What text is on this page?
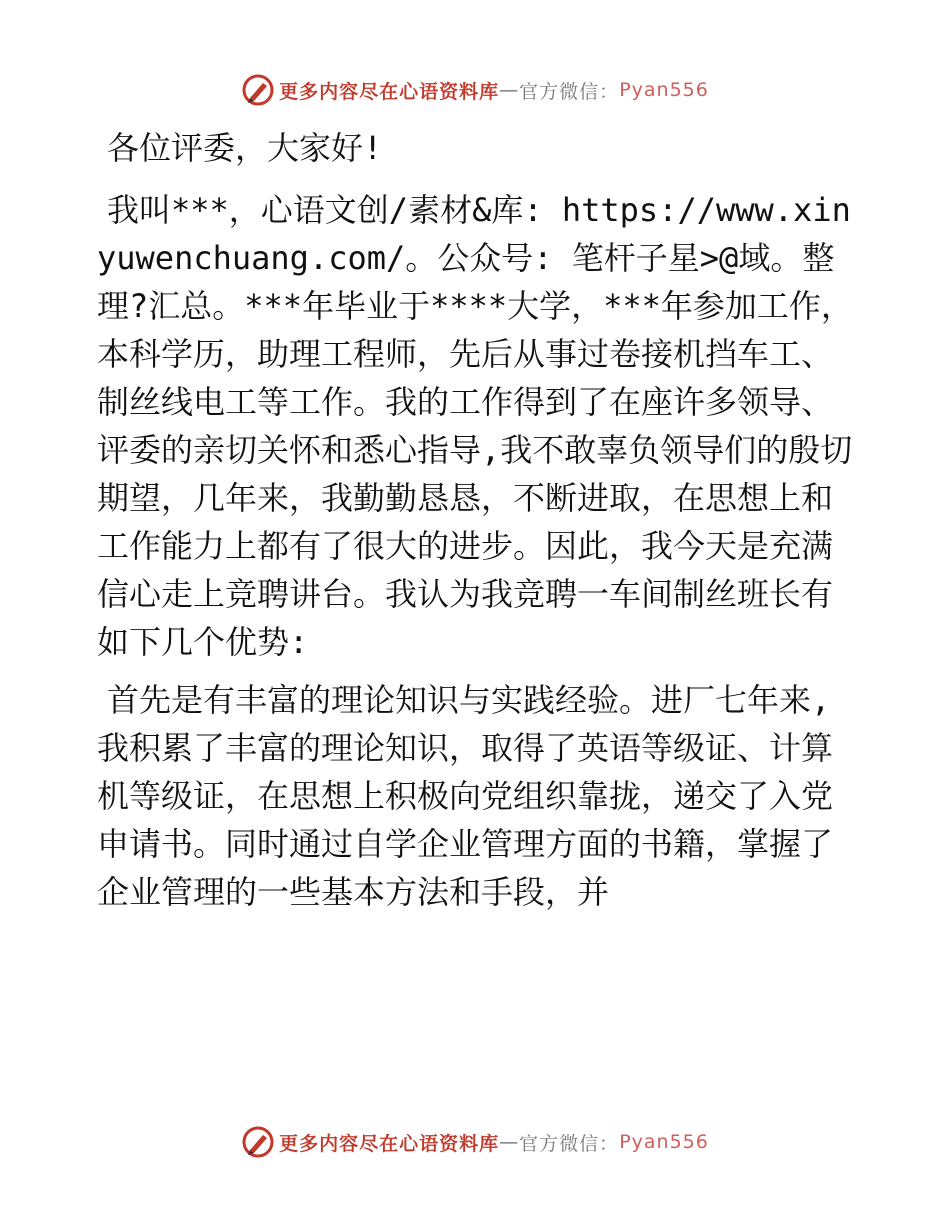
更多内容尽在心语资料库 — 官方微信： Pyan556

各位评委，大家好!

我叫***，心语文创/素材&库: https://www.xinyuwenchuang.com/。公众号: 笔杆子星>@域。整理?汇总。***年毕业于****大学，***年参加工作，本科学历，助理工程师，先后从事过卷接机挡车工、制丝线电工等工作。我的工作得到了在座许多领导、评委的亲切关怀和悉心指导,我不敢辜负领导们的殷切期望，几年来，我勤勤恳恳，不断进取，在思想上和工作能力上都有了很大的进步。因此，我今天是充满信心走上竞聘讲台。我认为我竞聘一车间制丝班长有如下几个优势:

首先是有丰富的理论知识与实践经验。进厂七年来,我积累了丰富的理论知识，取得了英语等级证、计算机等级证，在思想上积极向党组织靠拢，递交了入党申请书。同时通过自学企业管理方面的书籍，掌握了企业管理的一些基本方法和手段，并

更多内容尽在心语资料库 — 官方微信： Pyan556
